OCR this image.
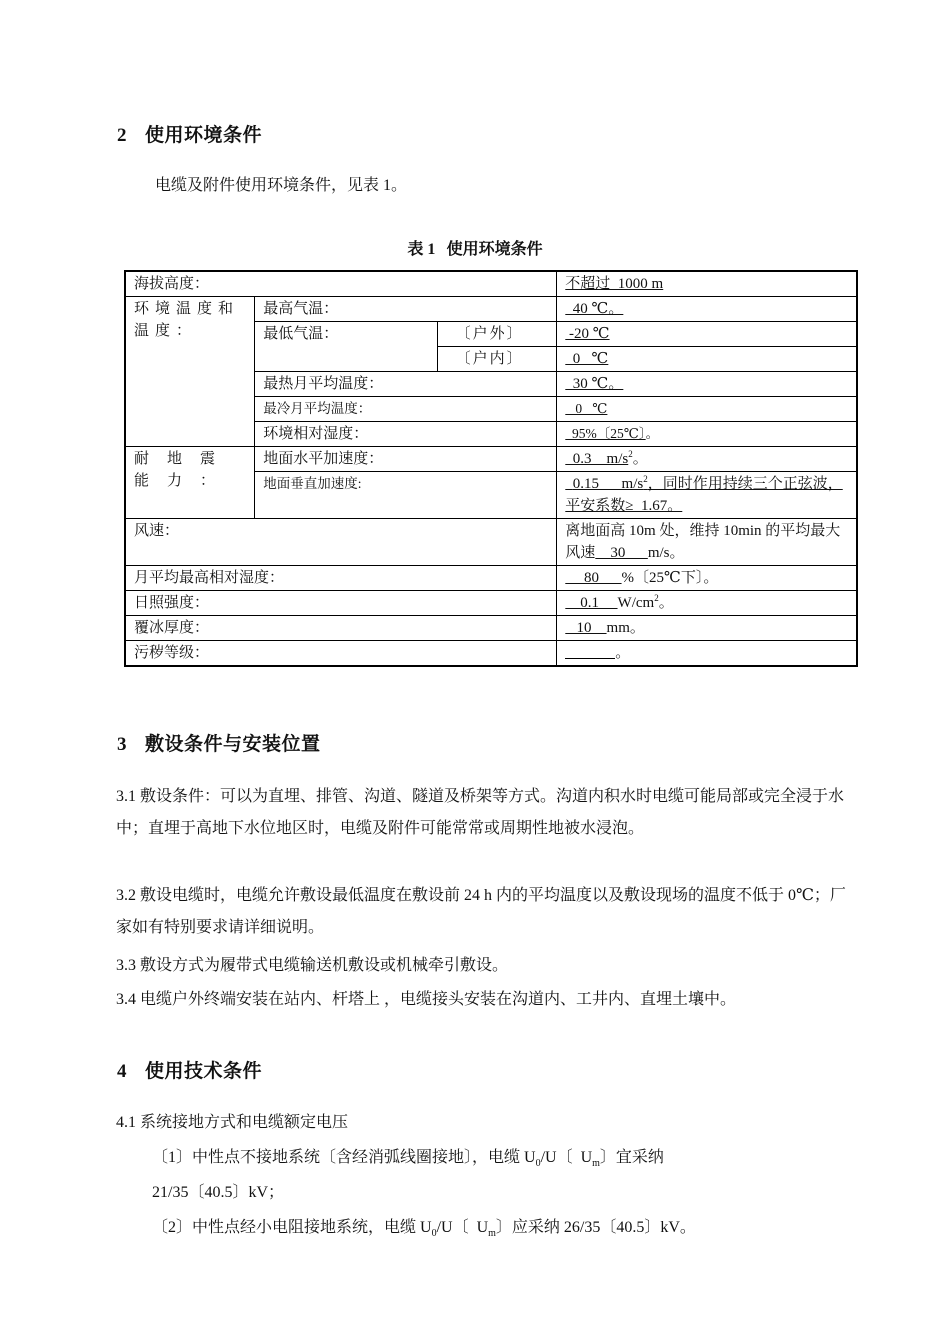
2 使用环境条件
电缆及附件使用环境条件，见表 1。
表 1 使用环境条件
海拔高度：			不超过  1000 m
环境温度和温度：	最高气温：		40 ℃。
	最低气温：	〔户外〕	-20 ℃
		〔户内〕	0   ℃
	最热月平均温度：		30 ℃。
	最冷月平均温度：		0   ℃
	环境相对湿度：		95%〔25℃〕。
耐地震能力：	地面水平加速度：		0.3    $m/s^2$。
	地面垂直加速度:		0.15      $m/s^2$，同时作用持续三个正弦波，平安系数≥  1.67。
风速：			离地面高 10m 处，维持 10min 的平均最大风速    30      m/s。
月平均最高相对湿度：			80      %〔25℃下〕。
日照强度：			0.1     $W/cm^2$。
覆冰厚度：			10    mm。
污秽等级：			。
3 敷设条件与安装位置
3.1 敷设条件：可以为直埋、排管、沟道、隧道及桥架等方式。沟道内积水时电缆可能局部或完全浸于水中；直埋于高地下水位地区时，电缆及附件可能常常或周期性地被水浸泡。
3.2 敷设电缆时，电缆允许敷设最低温度在敷设前 24 h 内的平均温度以及敷设现场的温度不低于 0℃；厂家如有特别要求请详细说明。
3.3 敷设方式为履带式电缆输送机敷设或机械牵引敷设。
3.4 电缆户外终端安装在站内、杆塔上 ，电缆接头安装在沟道内、工井内、直埋土壤中。
4 使用技术条件
4.1 系统接地方式和电缆额定电压
〔1〕中性点不接地系统〔含经消弧线圈接地〕，电缆 $U_0/U$〔  $U_m$〕宜采纳
21/35〔40.5〕kV；
〔2〕中性点经小电阻接地系统，电缆 $U_0/U$〔  $U_m$〕应采纳 26/35〔40.5〕kV。
